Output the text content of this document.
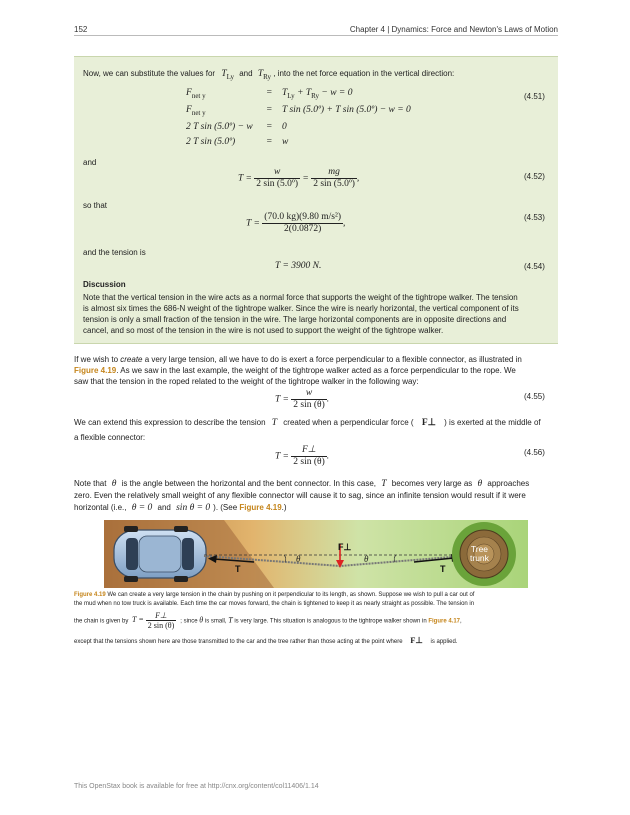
152	Chapter 4 | Dynamics: Force and Newton's Laws of Motion
Now, we can substitute the values for $T_{Ly}$ and $T_{Ry}$ , into the net force equation in the vertical direction:
$F_{net y}$	= $T_{Ly} + T_{Ry} - w = 0$
$F_{net y}$	= T sin (5.0º) + T sin (5.0º) − w = 0
2 T sin (5.0º) − w = 0
2 T sin (5.0º)	= w
(4.51)
and
$T = \frac{w}{\text{2 sin (5.0º)}} = \frac{mg}{\text{2 sin (5.0º)}}$ ,	(4.52)
so that
$T = \frac{\text{(70.0 kg)(9.80 m/s²)}}{2(0.0872)}$ ,
(4.53)
and the tension is
T = 3900 N.	(4.54)
Discussion
Note that the vertical tension in the wire acts as a normal force that supports the weight of the tightrope walker. The tension
is almost six times the 686-N weight of the tightrope walker. Since the wire is nearly horizontal, the vertical component of its
tension is only a small fraction of the tension in the wire. The large horizontal components are in opposite directions and
cancel, and so most of the tension in the wire is not used to support the weight of the tightrope walker.
If we wish to create a very large tension, all we have to do is exert a force perpendicular to a flexible connector, as illustrated in
Figure 4.19. As we saw in the last example, the weight of the tightrope walker acted as a force perpendicular to the rope. We
saw that the tension in the roped related to the weight of the tightrope walker in the following way:
$T = \frac{w}{2 \sin (\theta)}$ .	(4.55)
We can extend this expression to describe the tension T created when a perpendicular force ( F⊥ ) is exerted at the middle of
a flexible connector:
$T = \frac{F\perp}{2 \sin (\theta)}$ .	(4.56)
Note that θ is the angle between the horizontal and the bent connector. In this case, T becomes very large as θ approaches
zero. Even the relatively small weight of any flexible connector will cause it to sag, since an infinite tension would result if it were
horizontal (i.e., θ = 0 and sin θ = 0 ). (See Figure 4.19.)
F⊥
θ	θ
T	T
Tree
trunk
Figure 4.19 We can create a very large tension in the chain by pushing on it perpendicular to its length, as shown. Suppose we wish to pull a car out of
the mud when no tow truck is available. Each time the car moves forward, the chain is tightened to keep it as nearly straight as possible. The tension in
the chain is given by $T = \frac{F\perp}{2 \sin (\theta)}$ ; since θ is small, T is very large. This situation is analogous to the tightrope walker shown in Figure 4.17,
except that the tensions shown here are those transmitted to the car and the tree rather than those acting at the point where F⊥ is applied.
This OpenStax book is available for free at http://cnx.org/content/col11406/1.14
